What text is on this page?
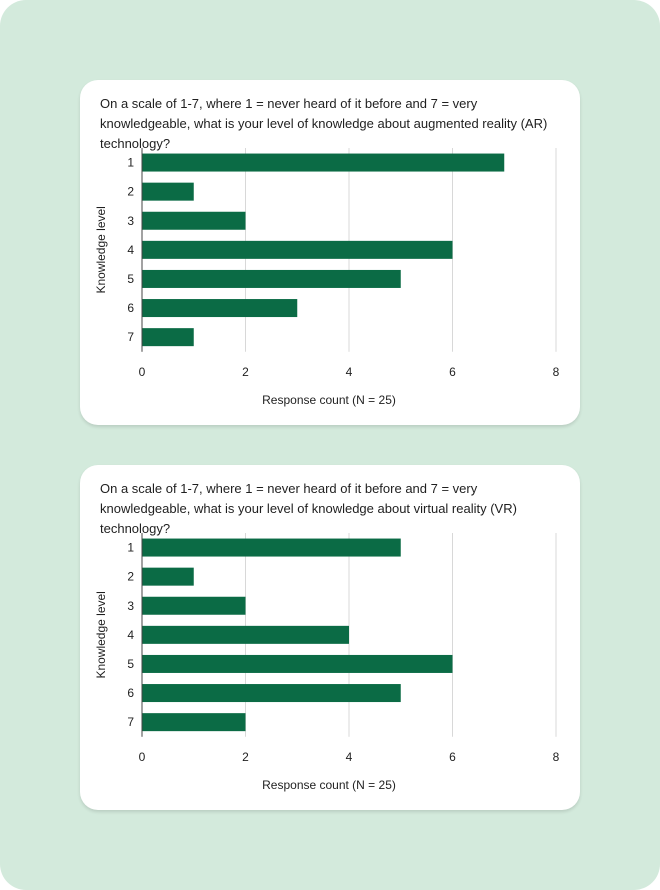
On a scale of 1-7, where 1 = never heard of it before and 7 = very knowledgeable, what is your level of knowledge about augmented reality (AR) technology?

1
2
3
4
5
6
7
0	2	4	6	8
Response count (N = 25)
Knowledge level

On a scale of 1-7, where 1 = never heard of it before and 7 = very knowledgeable, what is your level of knowledge about virtual reality (VR) technology?

1
2
3
4
5
6
7
0	2	4	6	8
Response count (N = 25)
Knowledge level
